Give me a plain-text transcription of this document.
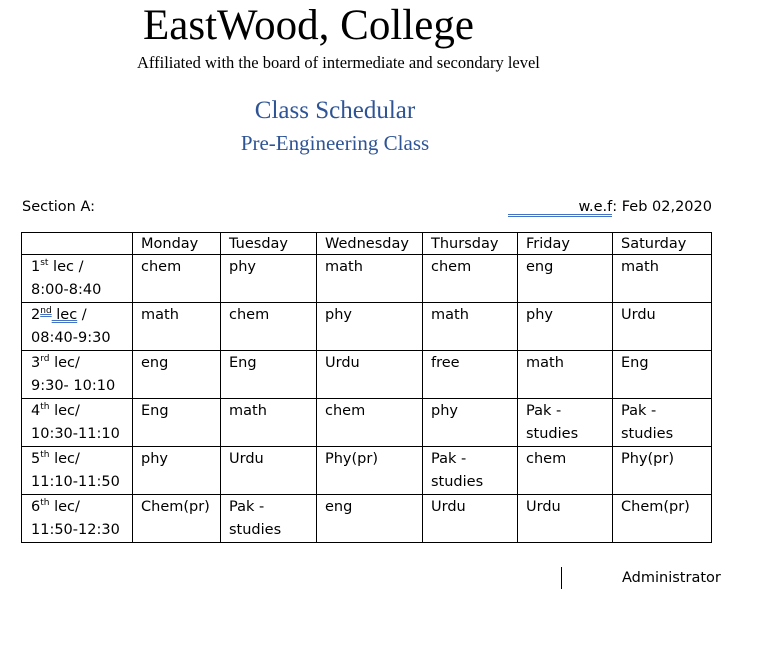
EastWood, College
Affiliated with the board of intermediate and secondary level
Class Schedular
Pre-Engineering Class
Section A:	w.e.f: Feb 02,2020
	Monday	Tuesday	Wednesday	Thursday	Friday	Saturday
1st lec /
8:00-8:40	chem	phy	math	chem	eng	math
2nd lec /
08:40-9:30	math	chem	phy	math	phy	Urdu
3rd lec/
9:30- 10:10	eng	Eng	Urdu	free	math	Eng
4th lec/
10:30-11:10	Eng	math	chem	phy	Pak - studies	Pak - studies
5th lec/
11:10-11:50	phy	Urdu	Phy(pr)	Pak - studies	chem	Phy(pr)
6th lec/
11:50-12:30	Chem(pr)	Pak - studies	eng	Urdu	Urdu	Chem(pr)
Administrator
